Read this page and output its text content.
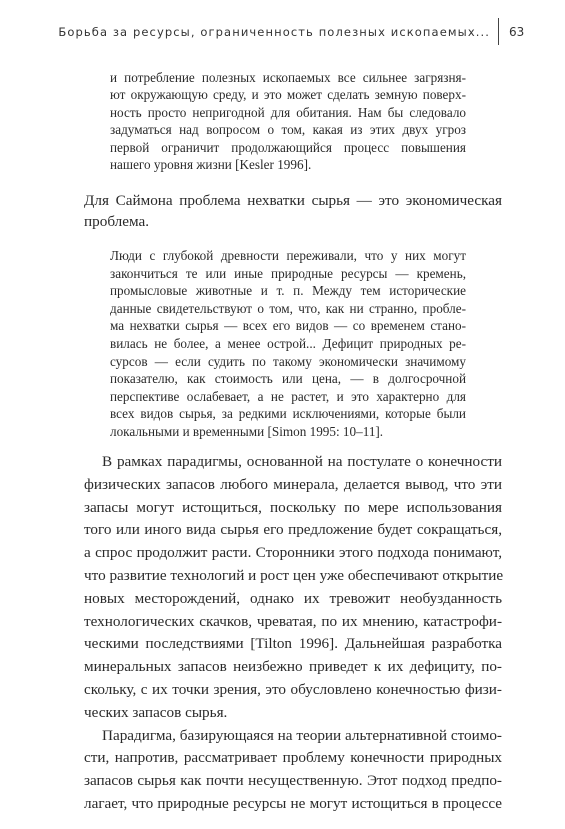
Борьба за ресурсы, ограниченность полезных ископаемых... 63
и потребление полезных ископаемых все сильнее загрязня-
ют окружающую среду, и это может сделать земную поверх-
ность просто непригодной для обитания. Нам бы следовало
задуматься над вопросом о том, какая из этих двух угроз
первой ограничит продолжающийся процесс повышения
нашего уровня жизни [Kesler 1996].
Для Саймона проблема нехватки сырья — это экономическая
проблема.
Люди с глубокой древности переживали, что у них могут
закончиться те или иные природные ресурсы — кремень,
промысловые животные и т. п. Между тем исторические
данные свидетельствуют о том, что, как ни странно, пробле-
ма нехватки сырья — всех его видов — со временем стано-
вилась не более, а менее острой... Дефицит природных ре-
сурсов — если судить по такому экономически значимому
показателю, как стоимость или цена, — в долгосрочной
перспективе ослабевает, а не растет, и это характерно для
всех видов сырья, за редкими исключениями, которые были
локальными и временными [Simon 1995: 10–11].
В рамках парадигмы, основанной на постулате о конечности
физических запасов любого минерала, делается вывод, что эти
запасы могут истощиться, поскольку по мере использования
того или иного вида сырья его предложение будет сокращаться,
а спрос продолжит расти. Сторонники этого подхода понимают,
что развитие технологий и рост цен уже обеспечивают открытие
новых месторождений, однако их тревожит необузданность
технологических скачков, чреватая, по их мнению, катастрофи-
ческими последствиями [Tilton 1996]. Дальнейшая разработка
минеральных запасов неизбежно приведет к их дефициту, по-
скольку, с их точки зрения, это обусловлено конечностью физи-
ческих запасов сырья.
Парадигма, базирующаяся на теории альтернативной стоимо-
сти, напротив, рассматривает проблему конечности природных
запасов сырья как почти несущественную. Этот подход предпо-
лагает, что природные ресурсы не могут истощиться в процессе
